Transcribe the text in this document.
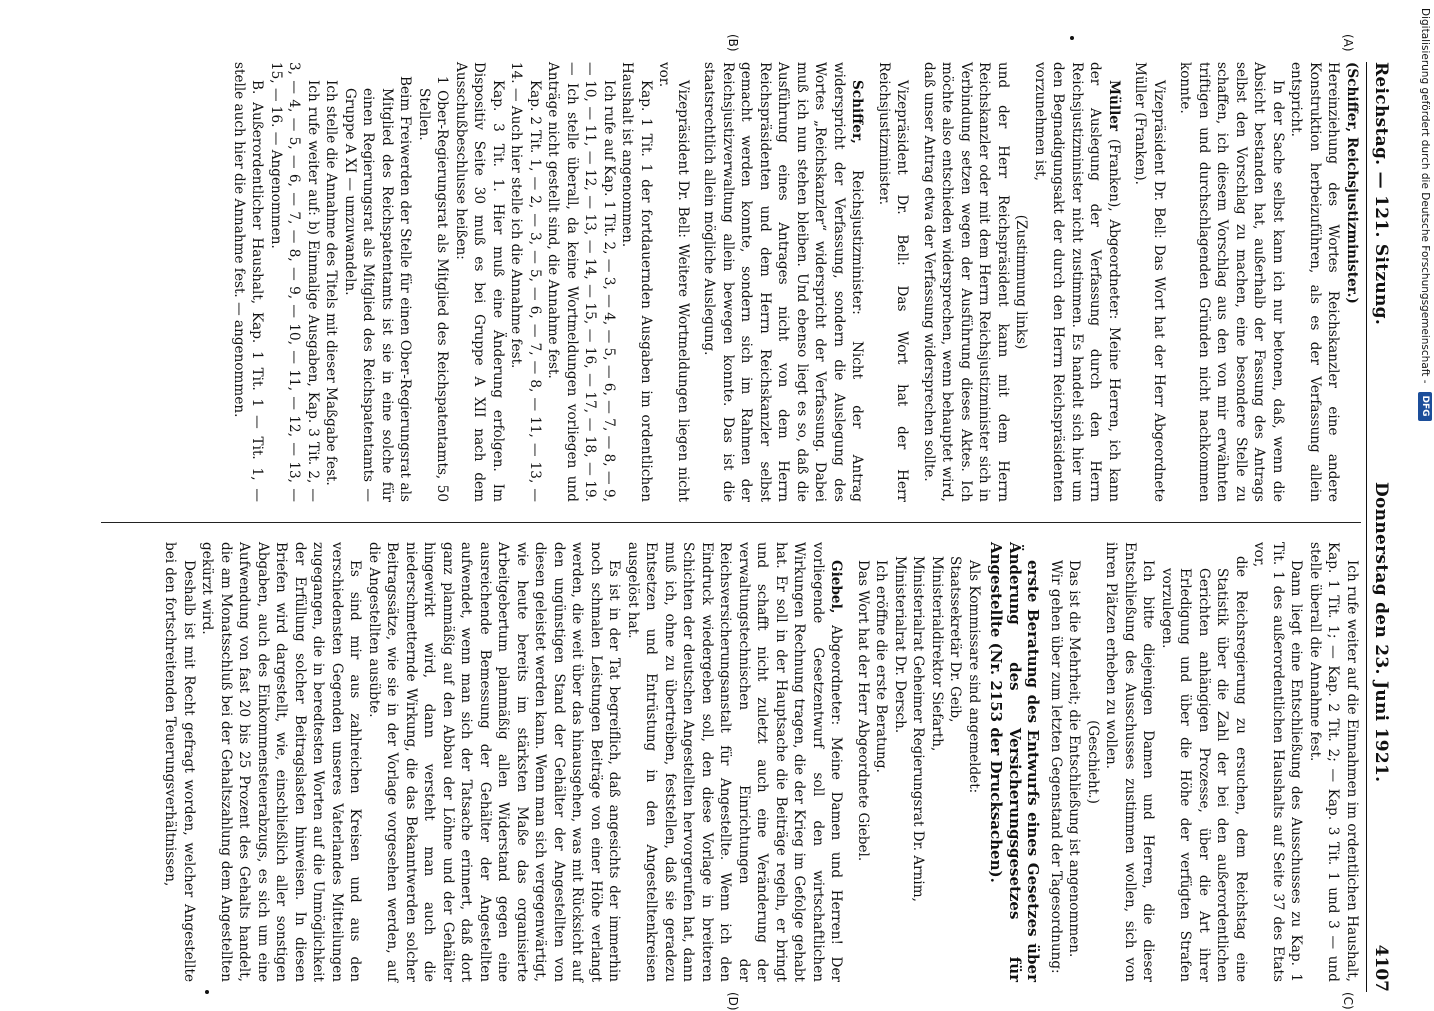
Reichstag. — 121. Sitzung.
Donnerstag den 23. Juni 1921.
4107

(Schiffer, Reichsjustizminister.)

Hereinziehung des Wortes Reichskanzler eine andere Konstruktion herbeizuführen, als es der Verfassung allein entspricht.

In der Sache selbst kann ich nur betonen, daß, wenn die Absicht bestanden hat, außerhalb der Fassung des Antrags selbst den Vorschlag zu machen, eine besondere Stelle zu schaffen, ich diesem Vorschlag aus den von mir erwähnten triftigen und durchschlagenden Gründen nicht nachkommen konnte.

Vizepräsident Dr. Bell: Das Wort hat der Herr Abgeordnete Müller (Franken).

Müller (Franken), Abgeordneter: Meine Herren, ich kann der Auslegung der Verfassung durch den Herrn Reichsjustizminister nicht zustimmen. Es handelt sich hier um den Begnadigungsakt der durch den Herrn Reichspräsidenten vorzunehmen ist,

(Zustimmung links)

und der Herr Reichspräsident kann mit dem Herrn Reichskanzler oder mit dem Herrn Reichsjustizminister sich in Verbindung setzen wegen der Ausführung dieses Aktes. Ich möchte also entschieden widersprechen, wenn behauptet wird, daß unser Antrag etwa der Verfassung widersprechen sollte.

Vizepräsident Dr. Bell: Das Wort hat der Herr Reichsjustizminister.

Schiffer, Reichsjustizminister: Nicht der Antrag widerspricht der Verfassung, sondern die Auslegung des Wortes „Reichskanzler“ widerspricht der Verfassung. Dabei muß ich nun stehen bleiben. Und ebenso liegt es so, daß die Ausführung eines Antrages nicht von dem Herrn Reichspräsidenten und dem Herrn Reichskanzler selbst gemacht werden konnte, sondern sich im Rahmen der Reichsjustizverwaltung allein bewegen konnte. Das ist die staatsrechtlich allein mögliche Auslegung.

Vizepräsident Dr. Bell: Weitere Wortmeldungen liegen nicht vor.

Kap. 1 Tit. 1 der fortdauernden Ausgaben im ordentlichen Haushalt ist angenommen.

Ich rufe auf Kap. 1 Tit. 2, — 3, — 4, — 5, — 6, — 7, — 8, — 9, — 10, — 11, — 12, — 13, — 14, — 15, — 16, — 17, — 18, — 19. — Ich stelle überall, da keine Wortmeldungen vorliegen und Anträge nicht gestellt sind, die Annahme fest.

Kap. 2 Tit. 1, — 2, — 3, — 5, — 6, — 7, — 8, — 11, — 13, — 14. — Auch hier stelle ich die Annahme fest.

Kap. 3 Tit. 1. Hier muß eine Änderung erfolgen. Im Dispositiv Seite 30 muß es bei Gruppe A XII nach dem Ausschußbeschlusse heißen:

1 Ober-Regierungsrat als Mitglied des Reichspatentamts, 50 Stellen.

Beim Freiwerden der Stelle für einen Ober-Regierungsrat als Mitglied des Reichspatentamts ist sie in eine solche für einen Regierungsrat als Mitglied des Reichspatentamts — Gruppe A XI — umzuwandeln.

Ich stelle die Annahme des Titels mit dieser Maßgabe fest.

Ich rufe weiter auf: b) Einmalige Ausgaben, Kap. 3 Tit. 2, — 3, — 4, — 5, — 6, — 7, — 8, — 9, — 10, — 11, — 12, — 13, — 15, — 16. — Angenommen.

B. Außerordentlicher Haushalt, Kap. 1 Tit. 1 — Tit. 1, — stelle auch hier die Annahme fest. — angenommen.

Ich rufe weiter auf die Einnahmen im ordentlichen Haushalt, Kap. 1 Tit. 1; — Kap. 2 Tit. 2; — Kap. 3 Tit. 1 und 3 — und stelle überall die Annahme fest.

Dann liegt eine Entschließung des Ausschusses zu Kap. 1 Tit. 1 des außerordentlichen Haushalts auf Seite 37 des Etats vor,

die Reichsregierung zu ersuchen, dem Reichstag eine Statistik über die Zahl der bei den außerordentlichen Gerichten anhängigen Prozesse, über die Art ihrer Erledigung und über die Höhe der verfügten Strafen vorzulegen.

Ich bitte diejenigen Damen und Herren, die dieser Entschließung des Ausschusses zustimmen wollen, sich von ihren Plätzen erheben zu wollen.

(Geschieht.)

Das ist die Mehrheit; die Entschließung ist angenommen.

Wir gehen über zum letzten Gegenstand der Tagesordnung:

erste Beratung des Entwurfs eines Gesetzes über Änderung des Versicherungsgesetzes für Angestellte (Nr. 2153 der Drucksachen).

Als Kommissare sind angemeldet:

Staatssekretär Dr. Geib,

Ministerialdirektor Siefarth,

Ministerialrat Geheimer Regierungsrat Dr. Arnim,

Ministerialrat Dr. Dersch.

Ich eröffne die erste Beratung.

Das Wort hat der Herr Abgeordnete Giebel.

Giebel, Abgeordneter: Meine Damen und Herren! Der vorliegende Gesetzentwurf soll den wirtschaftlichen Wirkungen Rechnung tragen, die der Krieg im Gefolge gehabt hat. Er soll in der Hauptsache die Beiträge regeln, er bringt und schafft nicht zuletzt auch eine Veränderung der verwaltungstechnischen Einrichtungen der Reichsversicherungsanstalt für Angestellte. Wenn ich den Eindruck wiedergeben soll, den diese Vorlage in breiteren Schichten der deutschen Angestellten hervorgerufen hat, dann muß ich, ohne zu übertreiben, feststellen, daß sie geradezu Entsetzen und Entrüstung in den Angestelltenkreisen ausgelöst hat.

Es ist in der Tat begreiflich, daß angesichts der immerhin noch schmalen Leistungen Beiträge von einer Höhe verlangt werden, die weit über das hinausgehen, was mit Rücksicht auf den ungünstigen Stand der Gehälter der Angestellten von diesen geleistet werden kann. Wenn man sich vergegenwärtigt, wie heute bereits im stärksten Maße das organisierte Arbeitgebertum planmäßig allen Widerstand gegen eine ausreichende Bemessung der Gehälter der Angestellten aufwendet, wenn man sich der Tatsache erinnert, daß dort ganz planmäßig auf den Abbau der Löhne und der Gehälter hingewirkt wird, dann versteht man auch die niederschmetternde Wirkung, die das Bekanntwerden solcher Beitragssätze, wie sie in der Vorlage vorgesehen werden, auf die Angestellten ausübte.

Es sind mir aus zahlreichen Kreisen und aus den verschiedensten Gegenden unseres Vaterlandes Mitteilungen zugegangen, die in beredtesten Worten auf die Unmöglichkeit der Erfüllung solcher Beitragslasten hinweisen. In diesen Briefen wird dargestellt, wie, einschließlich aller sonstigen Abgaben, auch des Einkommensteuerabzugs, es sich um eine Aufwendung von fast 20 bis 25 Prozent des Gehalts handelt, die am Monatsschluß bei der Gehaltszahlung dem Angestellten gekürzt wird.

Deshalb ist mit Recht gefragt worden, welcher Angestellte bei den fortschreitenden Teuerungsverhältnissen,

(A)
(B)
(C)
(D)
Digitalisierung gefördert durch die Deutsche Forschungsgemeinschaft -
DFG
